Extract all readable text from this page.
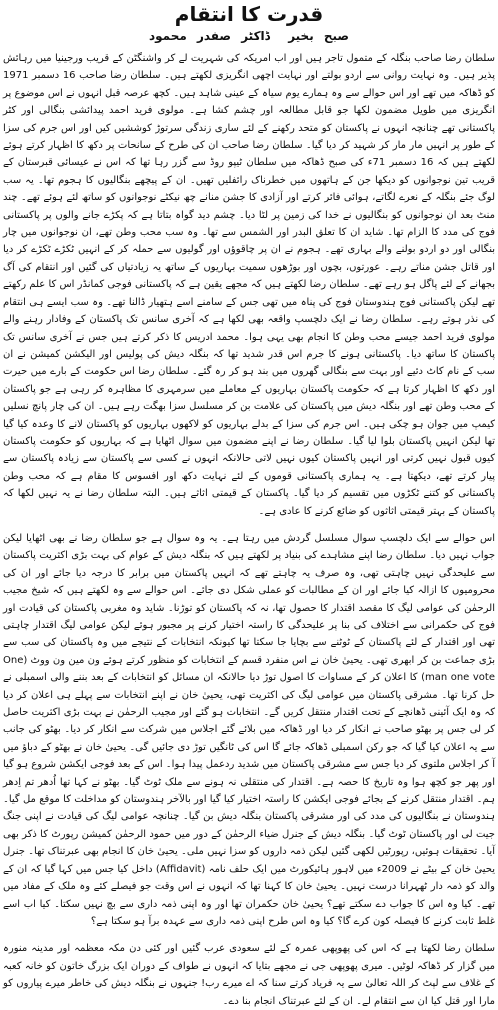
قدرت کا انتقام
صبح بخیر ڈاکٹر صفدر محمود

سلطان رضا صاحب بنگلہ کے متمول تاجر ہیں اور اب امریکہ کی شہریت لے کر واشنگٹن کے قریب ورجینیا میں رہائش پذیر ہیں۔ وہ نہایت روانی سے اردو بولتے اور نہایت اچھی انگریزی لکھتے ہیں۔ سلطان رضا صاحب 16 دسمبر 1971 کو ڈھاکہ میں تھے اور اس حوالے سے وہ ہمارے یوم سیاہ کے عینی شاہد ہیں۔ کچھ عرصہ قبل انہوں نے اس موضوع پر انگریزی میں طویل مضمون لکھا جو قابل مطالعہ اور چشم کشا ہے۔ مولوی فرید احمد پیدائشی بنگالی اور کٹر پاکستانی تھے چنانچہ انہوں نے پاکستان کو متحد رکھنے کے لئے ساری زندگی سرتوڑ کوششیں کیں اور اس جرم کی سزا کے طور پر انہیں مار مار کر شہید کر دیا گیا۔ سلطان رضا صاحب ان کی طرح کے سانحات پر دکھ کا اظہار کرتے ہوئے لکھتے ہیں کہ 16 دسمبر 71ء کی صبح ڈھاکہ میں سلطان ٹیپو روڈ سے گزر رہا تھا کہ اس نے عیسائی قبرستان کے قریب تین نوجوانوں کو دیکھا جن کے ہاتھوں میں خطرناک رائفلیں تھیں۔ ان کے پیچھے بنگالیوں کا ہجوم تھا۔ یہ سب لوگ جئے بنگلہ کے نعرے لگاتے، ہوائی فائر کرتے اور آزادی کا جشن منانے چھ نیکٹے نوجوانوں کو ساتھ لئے ہوئے تھے۔ چند منٹ بعد ان نوجوانوں کو بنگالیوں نے خدا کی زمین پر لٹا دیا۔ چشم دید گواہ بتاتا ہے کہ پکڑے جانے والوں پر پاکستانی فوج کی مدد کا الزام تھا۔ شاید ان کا تعلق البدر اور الشمس سے تھا۔ وہ سب محب وطن تھے، ان نوجوانوں میں چار بنگالی اور دو اردو بولنے والے بہاری تھے۔ ہجوم نے ان پر چاقوؤں اور گولیوں سے حملہ کر کے انہیں ٹکڑے ٹکڑے کر دیا اور قاتل جشن مناتے رہے۔ عورتوں، بچوں اور بوڑھوں سمیت بہاریوں کے ساتھ یہ زیادتیاں کی گئیں اور انتقام کی آگ بجھانے کے لئے پاگل ہو رہے تھے۔ سلطان رضا لکھتے ہیں کہ مجھے یقین ہے کہ پاکستانی فوجی کمانڈر اس کا علم رکھتے تھے لیکن پاکستانی فوج ہندوستان فوج کی پناہ میں تھی جس کے سامنے اسے ہتھیار ڈالنا تھے۔ وہ سب ایسے ہی انتقام کی نذر ہوتے رہے۔ سلطان رضا نے ایک دلچسپ واقعہ بھی لکھا ہے کہ آخری سانس تک پاکستان کے وفادار رہنے والے مولوی فرید احمد جیسے محب وطن کا انجام بھی یہی ہوا۔ محمد ادریس کا ذکر کرتے ہیں جس نے آخری سانس تک پاکستان کا ساتھ دیا۔ پاکستانی ہونے کا جرم اس قدر شدید تھا کہ بنگلہ دیش کی پولیس اور الیکشن کمیشن نے ان سب کے نام کاٹ دئیے اور بہت سے بنگالی گھروں میں بند ہو کر رہ گئے۔ سلطان رضا اس حکومت کے بارے میں حیرت اور دکھ کا اظہار کرتا ہے کہ حکومت پاکستان بہاریوں کے معاملے میں سرمہری کا مظاہرہ کر رہی ہے جو پاکستان کے محب وطن تھے اور بنگلہ دیش میں پاکستان کی علامت بن کر مسلسل سزا بھگت رہے ہیں۔ ان کی چار پانچ نسلیں کیمپ میں جوان ہو چکی ہیں۔ اس جرم کی سزا کے بدلے بہاریوں کو لاکھوں بہاریوں کو پاکستان لانے کا وعدہ کیا گیا تھا لیکن انہیں پاکستان بلوا لیا گیا۔ سلطان رضا نے اپنے مضمون میں سوال اٹھایا ہے کہ بہاریوں کو حکومت پاکستان کیوں قبول نہیں کرتی اور انہیں پاکستان کیوں نہیں لاتی حالانکہ انہوں نے کسی سے پاکستان سے زیادہ پاکستان سے پیار کرتے تھے، دیکھتا ہے۔ یہ ہماری پاکستانی قوموں کے لئے نہایت دکھ اور افسوس کا مقام ہے کہ محب وطن پاکستانی کو کتنے ٹکڑوں میں تقسیم کر دیا گیا۔ پاکستان کے قیمتی اثاثے ہیں۔ البتہ سلطان رضا نے یہ نہیں لکھا کہ پاکستان کے بہتر قیمتی اثاثوں کو ضائع کرنے کا عادی ہے۔

اس حوالے سے ایک دلچسپ سوال مسلسل گردش میں رہتا ہے۔ یہ وہ سوال ہے جو سلطان رضا نے بھی اٹھایا لیکن جواب نہیں دیا۔ سلطان رضا اپنے مشاہدے کی بنیاد پر لکھتے ہیں کہ بنگلہ دیش کے عوام کی بہت بڑی اکثریت پاکستان سے علیحدگی نہیں چاہتی تھی، وہ صرف یہ چاہتے تھے کہ انہیں پاکستان میں برابر کا درجہ دیا جائے اور ان کی محرومیوں کا ازالہ کیا جائے اور ان کے مطالبات کو عملی شکل دی جائے۔ اس حوالے سے وہ لکھتے ہیں کہ شیخ مجیب الرحمٰن کی عوامی لیگ کا مقصد اقتدار کا حصول تھا، نہ کہ پاکستان کو توڑنا۔ شاید وہ مغربی پاکستان کی قیادت اور فوج کی حکمرانی سے اختلاف کی بنا پر علیحدگی کا راستہ اختیار کرنے پر مجبور ہوئے لیکن عوامی لیگ اقتدار چاہتی تھی اور اقتدار کے لئے پاکستان کے ٹوٹنے سے بچایا جا سکتا تھا کیونکہ انتخابات کے نتیجے میں وہ پاکستان کی سب سے بڑی جماعت بن کر ابھری تھی۔ یحییٰ خان نے اس منفرد قسم کے انتخابات کو منظور کرتے ہوئے ون مین ون ووٹ (One man one vote) کا اعلان کر کے مساوات کا اصول توڑ دیا حالانکہ ان مسائل کو انتخابات کے بعد بننے والی اسمبلی نے حل کرنا تھا۔ مشرقی پاکستان میں عوامی لیگ کی اکثریت تھی، یحییٰ خان نے اپنے انتخابات سے پہلے ہی اعلان کر دیا کہ وہ ایک آئینی ڈھانچے کے تحت اقتدار منتقل کریں گے۔ انتخابات ہو گئے اور مجیب الرحمٰن نے بہت بڑی اکثریت حاصل کر لی جس پر بھٹو صاحب نے انکار کر دیا اور ڈھاکہ میں بلائے گئے اجلاس میں شرکت سے انکار کر دیا۔ بھٹو کی جانب سے یہ اعلان کیا گیا کہ جو رکن اسمبلی ڈھاکہ جائے گا اس کی ٹانگیں توڑ دی جائیں گی۔ یحییٰ خان نے بھٹو کے دباؤ میں آ کر اجلاس ملتوی کر دیا جس سے مشرقی پاکستان میں شدید ردعمل پیدا ہوا۔ اس کے بعد فوجی ایکشن شروع ہو گیا اور پھر جو کچھ ہوا وہ تاریخ کا حصہ ہے۔ اقتدار کی منتقلی نہ ہونے سے ملک ٹوٹ گیا۔ بھٹو نے کہا تھا اُدھر تم اِدھر ہم۔ اقتدار منتقل کرنے کے بجائے فوجی ایکشن کا راستہ اختیار کیا گیا اور بالآخر ہندوستان کو مداخلت کا موقع مل گیا۔ ہندوستان نے بنگالیوں کی مدد کی اور مشرقی پاکستان بنگلہ دیش بن گیا۔ چنانچہ عوامی لیگ کی قیادت نے اپنی جنگ جیت لی اور پاکستان ٹوٹ گیا۔ بنگلہ دیش کے جنرل ضیاء الرحمٰن کے دور میں حمود الرحمٰن کمیشن رپورٹ کا ذکر بھی آیا۔ تحقیقات ہوئیں، رپورٹیں لکھی گئیں لیکن ذمہ داروں کو سزا نہیں ملی۔ یحییٰ خان کا انجام بھی عبرتناک تھا۔ جنرل یحییٰ خان کے بیٹے نے 2009ء میں لاہور ہائیکورٹ میں ایک حلف نامہ (Affidavit) داخل کیا جس میں کہا گیا کہ ان کے والد کو ذمہ دار ٹھہرانا درست نہیں۔ یحییٰ خان کا کہنا تھا کہ انہوں نے اس وقت جو فیصلے کئے وہ ملک کے مفاد میں تھے۔ کیا وہ اس کا جواب دے سکتے تھے؟ یحییٰ خان حکمران تھا اور وہ اپنی ذمہ داری سے بچ نہیں سکتا۔ کیا اب اسے غلط ثابت کرنے کا فیصلہ کون کرے گا؟ کیا وہ اس طرح اپنی ذمہ داری سے عہدہ برآ ہو سکتا ہے؟

سلطان رضا لکھتا ہے کہ اس کی پھوپھی عمرہ کے لئے سعودی عرب گئیں اور کئی دن مکہ معظمہ اور مدینہ منورہ میں گزار کر ڈھاکہ لوٹیں۔ میری پھوپھی جی نے مجھے بتایا کہ انہوں نے طواف کے دوران ایک بزرگ خاتون کو خانہ کعبہ کے غلاف سے لپٹ کر اللہ تعالیٰ سے یہ فریاد کرتے سنا کہ اے میرے رب! جنہوں نے بنگلہ دیش کی خاطر میرے پیاروں کو مارا اور قتل کیا ان سے انتقام لے۔ ان کے لئے عبرتناک انجام بنا دے۔
